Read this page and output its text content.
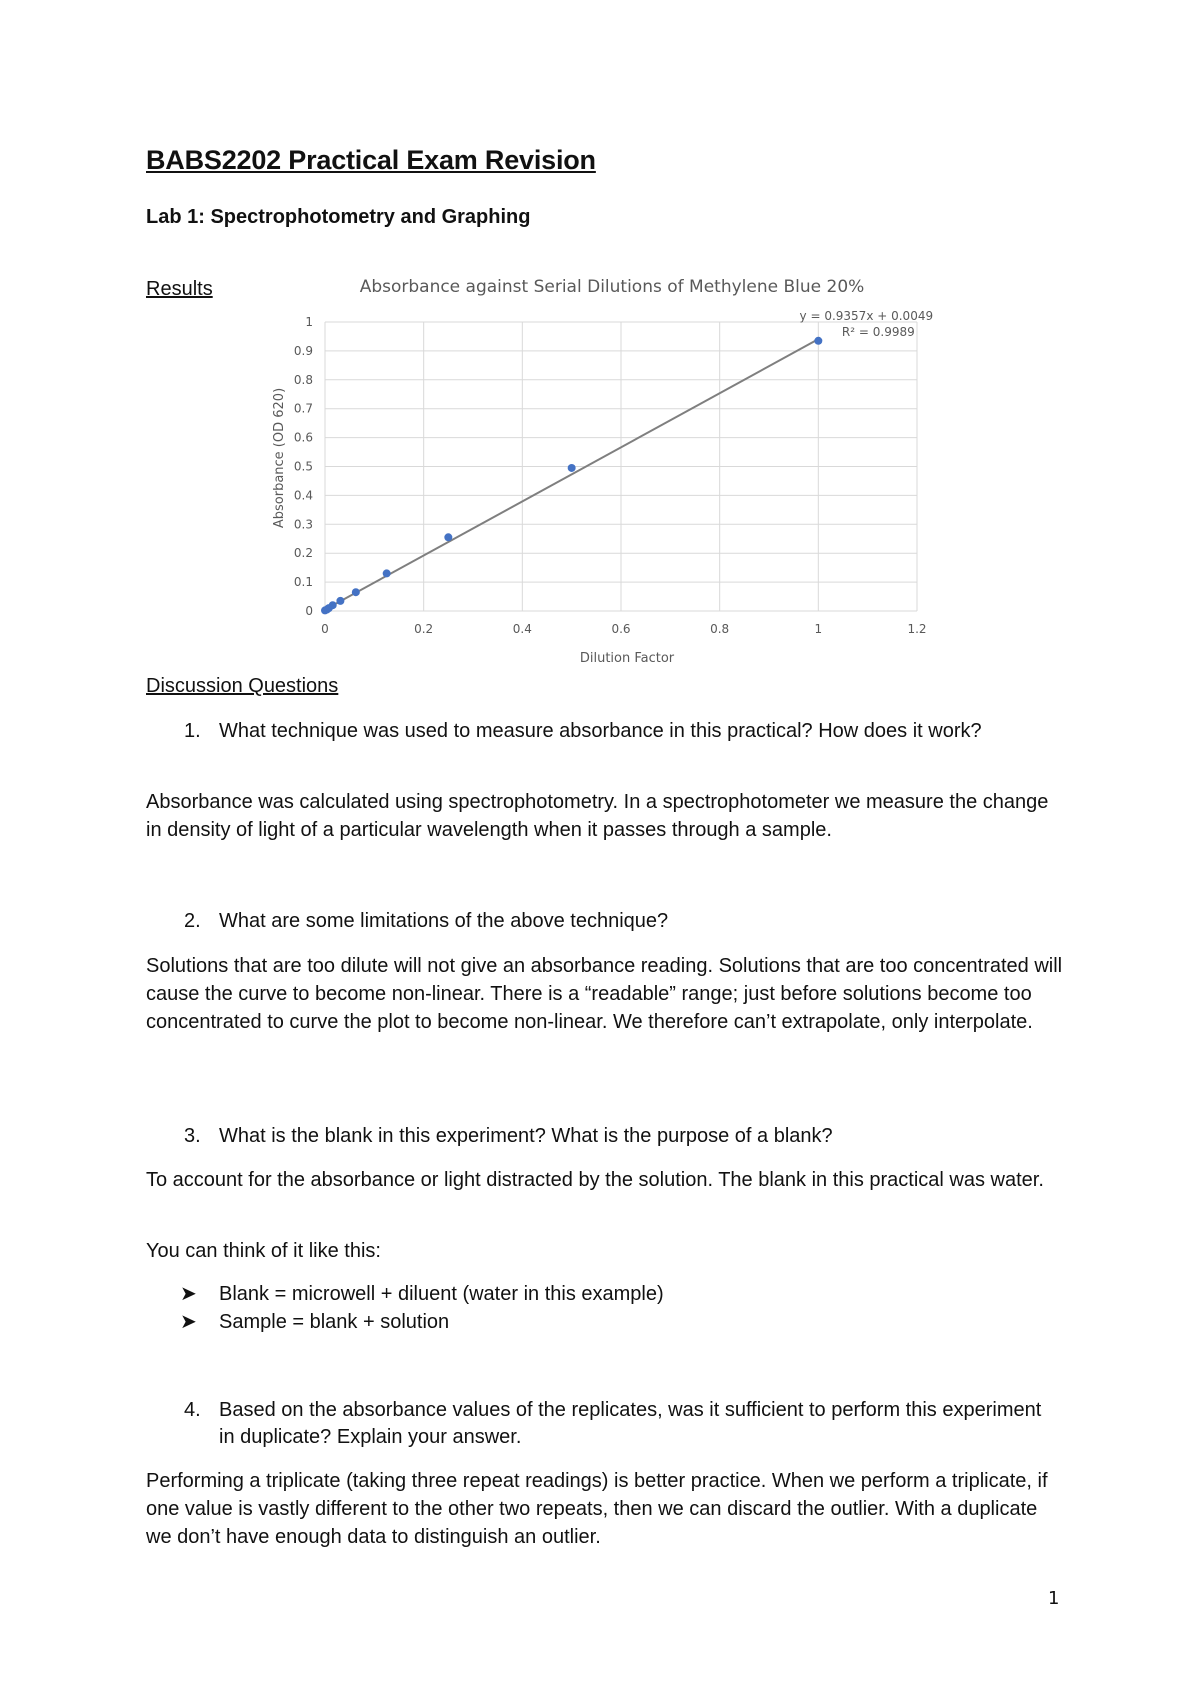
BABS2202 Practical Exam Revision
Lab 1: Spectrophotometry and Graphing
Results
0	0.2	0.4	0.6	0.8	1	1.2
0
0.1
0.2
0.3
0.4
0.5
0.6
0.7
0.8
0.9
1
Absorbance against Serial Dilutions of Methylene Blue 20%
Dilution Factor
Absorbance (OD 620)
y = 0.9357x + 0.0049
R² = 0.9989
Discussion Questions
1. What technique was used to measure absorbance in this practical? How does it work?

Absorbance was calculated using spectrophotometry. In a spectrophotometer we measure the change in density of light of a particular wavelength when it passes through a sample.

2. What are some limitations of the above technique?

Solutions that are too dilute will not give an absorbance reading. Solutions that are too concentrated will cause the curve to become non-linear. There is a “readable” range; just before solutions become too concentrated to curve the plot to become non-linear. We therefore can’t extrapolate, only interpolate.

3. What is the blank in this experiment? What is the purpose of a blank?

To account for the absorbance or light distracted by the solution. The blank in this practical was water.

You can think of it like this:

➤ Blank = microwell + diluent (water in this example)
➤ Sample = blank + solution
4. Based on the absorbance values of the replicates, was it sufficient to perform this experiment in duplicate? Explain your answer.

Performing a triplicate (taking three repeat readings) is better practice. When we perform a triplicate, if one value is vastly different to the other two repeats, then we can discard the outlier. With a duplicate we don’t have enough data to distinguish an outlier.

1
